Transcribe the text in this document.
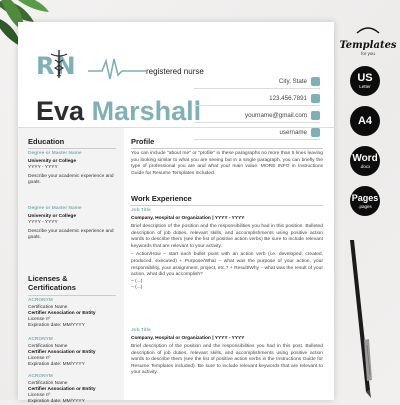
RN	registered nurse
Eva Marshall
City, State
123.456.7891
yourname@gmail.com
username
Education
Degree or Master Name
University or College
YYYY - YYYY
Describe your academic experience and goals.
Degree or Master Name
University or College
YYYY - YYYY
Describe your academic experience and goals.
Licenses &
Certifications
ACRONYM
Certification Name
Certifier Association or Entity
License nº
Expiration date: MM/YYYY
ACRONYM
Certification Name
Certifier Association or Entity
License nº
Expiration date: MM/YYYY
ACRONYM
Certification Name
Certifier Association or Entity
License nº
Expiration date: MM/YYYY
Profile
You can include "about me" or "profile" in these paragraphs no more than 5 lines leaving you looking similar to what you are seeing but in a single paragraph, you can briefly the type of professional you are and what your main value. MORE INFO in Instructions Guide for Resume Templates included.
Work Experience
Job Title
Company, Hospital or Organization | YYYY - YYYY
Brief description of the position and the responsibilities you had in this position. Bulleted description of job duties, relevant skills, and accomplishments using positive action words to describe them (see the list of positive action verbs) Be sure to include relevant keywords that are relevant to your activity.
– Action/How – start each bullet point with an action verb (i.e. developed, created, produced, executed) + Purpose/What – what was the purpose of your action, your responsibility, your assignment, project, etc.? + Result/Why – what was the result of your action, what did you accomplish?
– (...)
– (...)
Job Title
Company, Hospital or Organization | YYYY - YYYY
Brief description of the position and the responsibilities you had in this post. Bulleted description of job duties, relevant skills, and accomplishments using positive action words to describe them (see the list of positive action verbs in the Instructions Guide for Resume Templates included). Be sure to include relevant keywords that are relevant to your activity.
Templates
for you
US
Letter
A4
Word
.docx
Pages
.pages
